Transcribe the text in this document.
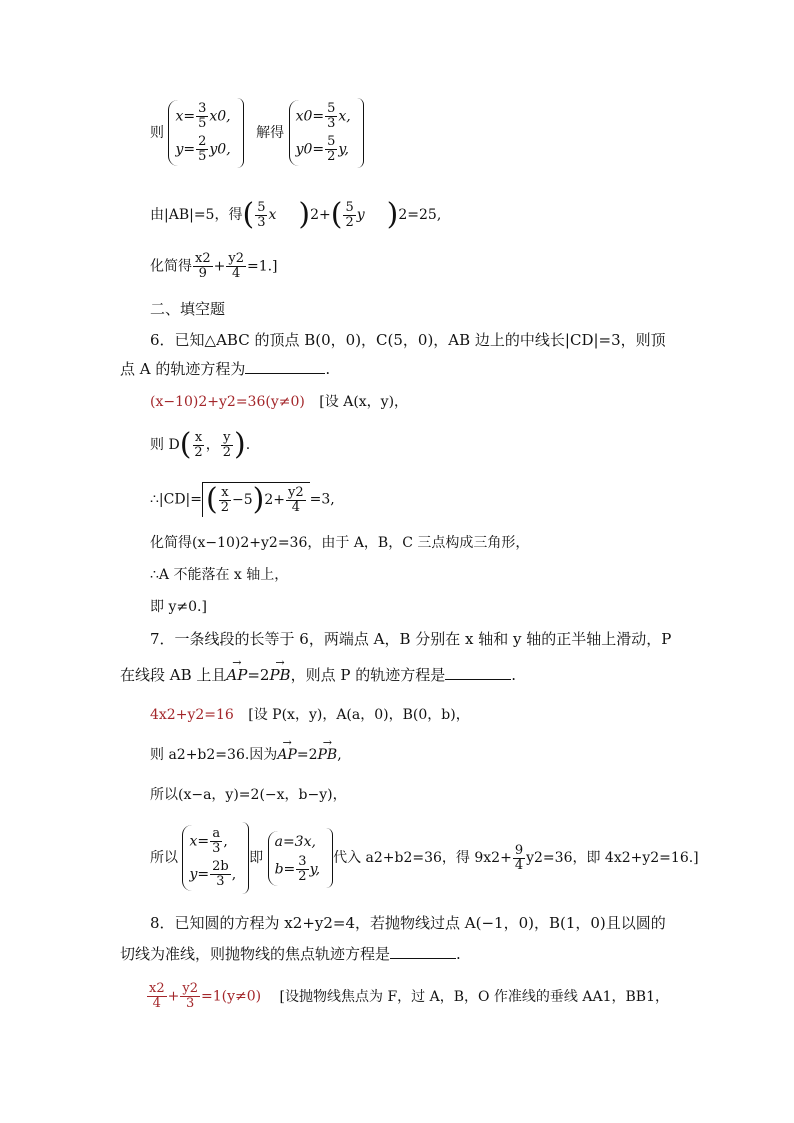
则
$x= \frac{3}{5} x0$,
$y= \frac{2}{5} y0$,
解得
$x0= \frac{5}{3} x$,
$y0= \frac{5}{2} y$,
由|AB|=5，得( $\frac{5}{3}$ x )$2+( \frac{5}{2}$ y )2=25,
化简得 $\frac{x2}{9} + \frac{y2}{4} =1$.]
二、填空题
6．已知△ABC 的顶点 B(0，0)，C(5，0)，AB 边上的中线长|CD|=3，则顶
点 A 的轨迹方程为	.
(x−10)2+y2=36(y≠0) [设 A(x，y)，
则 $D( \frac{x}{2}$ ， $\frac{y}{2}$ ).
∴|CD|= ( $\frac{x}{2} -5)2+ \frac{y2}{4} =3$,
化简得(x−10)2+y2=36，由于 A，B，C 三点构成三角形，
∴A 不能落在 x 轴上，
即 y≠0.]
7．一条线段的长等于 6，两端点 A，B 分别在 x 轴和 y 轴的正半轴上滑动，P
在线段 AB 上且→ AP=2→ PB，则点 P 的轨迹方程是	.
4x2+y2=16 [设 P(x，y)，A(a，0)，B(0，b)，
则 a2+b2=36.因为→ AP=2→ PB,
所以(x−a，y)=2(−x，b−y)，
所以
$x= \frac{a}{3}$ ,
$y= \frac{2b}{3}$ ,
即
a=3x,
$b= \frac{3}{2} y$,
代入 a2+b2=36，得 $9x2+ \frac{9}{4} y2=36$，即 4x2+y2=16.]
8．已知圆的方程为 x2+y2=4，若抛物线过点 A(−1，0)，B(1，0)且以圆的
切线为准线，则抛物线的焦点轨迹方程是	.
$\frac{x2}{4} + \frac{y2}{3} =1(y\ne 0)$ [设抛物线焦点为 F，过 A，B，O 作准线的垂线 AA1，BB1，
